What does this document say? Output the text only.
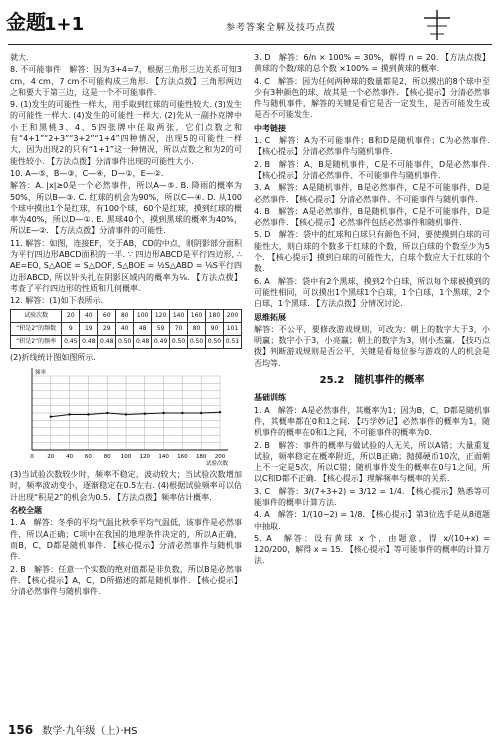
金题
1+1	参考答案全解及技巧点拨

就大.

8. 不可能事件　解答：因为3+4=7，根据三角形三边关系可知3 cm，4 cm，7 cm不可能构成三角形. 【方法点拨】三角形两边之和要大于第三边，这是一个不可能事件.

9. (1)发生的可能性一样大，用手取到红球的可能性较大. (3)发生的可能性一样大. (4)发生的可能性一样大. (2)先从一副扑克牌中小王和黑桃3、4、5四张牌中任取两张，它们点数之和有“4+1”“2+3”“3+2”“1+4”四种情况，出现5的可能性一样大，因为出现2的只有“1+1”这一种情况，所以点数之和为2的可能性较小. 【方法点拨】分清事件出现的可能性大小.

10. A—⑤，B—③，C—④，D—①，E—②.

解答：A. |x|≥0是一个必然事件，所以A—⑤. B. 降雨的概率为50%，所以B—③. C. 红球的机会为90%，所以C—④. D. 从100个球中摸出1个是红球，有100个球，60个是红球，摸到红球的概率为40%，所以D—①. E. 黑球40个，摸到黑球的概率为40%，所以E—②. 【方法点拨】分清事件的可能性.

11. 解答：如图，连接EF，交于AB，CD的中点，则阴影部分面积为平行四边形ABCD面积的一半. ∵ 四边形ABCD是平行四边形, ∴ AE=EO, S△AOE = S△DOF, S△BOE = ½S△ABD = ⅛S平行四边形ABCD, 所以针头扎在阴影区域内的概率为⅛. 【方法点拨】考查了平行四边形的性质和几何概率.

12. 解答：(1)如下表所示.

试验次数	20	40	60	80	100	120	140	160	180	200
“积是2”的频数	9	19	29	40	48	59	70	80	90	101
“积是2”的频率	0.45	0.48	0.48	0.50	0.48	0.49	0.50	0.50	0.50	0.51

(2)折线统计图如图所示.

0 20 40 60 80 100 120 140 160 180 200
试验次数
频率

(3)当试验次数较少时，频率不稳定，波动较大；当试验次数增加时，频率波动变小，逐渐稳定在0.5左右. (4)根据试验频率可以估计出现“积是2”的机会为0.5. 【方法点拨】频率估计概率.

名校全题

1. A　解答：冬季的平均气温比秋季平均气温低，该事件是必然事件，所以A正确；C项中在我国的地理条件决定的，所以A正确，而B，C，D都是随机事件. 【核心提示】分清必然事件与随机事件.

2. B　解答：任意一个实数的绝对值都是非负数，所以B是必然事件. 【核心提示】A，C，D所描述的都是随机事件. 【核心提示】分清必然事件与随机事件.

3. D　解答：6/n × 100% = 30%，解得 n = 20. 【方法点拨】黄球的个数/球的总个数 ×100% = 摸到黄球的概率.

4. C　解答：因为任何两种球的数量都是2，所以摸出的8个球中至少有3种颜色的球，故其是一个必然事件. 【核心提示】分清必然事件与随机事件，解答的关键是看它是否一定发生，是否可能发生或是否不可能发生.

中考链接

1. C　解答：A为不可能事件；B和D是随机事件；C为必然事件. 【核心提示】分清必然事件与随机事件.

2. B　解答：A、B是随机事件，C是不可能事件，D是必然事件. 【核心提示】分清必然事件、不可能事件与随机事件.

3. A　解答：A是随机事件，B是必然事件，C是不可能事件，D是必然事件. 【核心提示】分清必然事件、不可能事件与随机事件.

4. B　解答：A是必然事件，B是随机事件，C是不可能事件，D是必然事件. 【核心提示】必然事件包括必然事件和随机事件.

5. D　解答：袋中的红球和白球只有颜色不同，要使摸到白球的可能性大，则白球的个数多于红球的个数，所以白球的个数至少为5个. 【核心提示】摸到白球的可能性大，白球个数应大于红球的个数.

6. A　解答：袋中有2个黑球，摸到2个白球，所以每个球被摸到的可能性相同，可以摸出1个黑球1个白球，1个白球，1个黑球，2个白球，1个黑球. 【方法点拨】分情况讨论.

思维拓展

解答：不公平，要修改游戏规则，可改为：朝上的数字大于3，小明赢；数字小于3，小亮赢；朝上的数字为3，则小杰赢. 【技巧点拨】判断游戏规则是否公平，关键是看每位参与游戏的人的机会是否均等.

25.2　随机事件的概率

基础训练

1. A　解答：A是必然事件，其概率为1；因为B，C，D都是随机事件，其概率都在0和1之间. 【巧学妙记】必然事件的概率为1，随机事件的概率在0和1之间，不可能事件的概率为0.

2. B　解答：事件的概率与做试验的人无关，所以A错；大量重复试验，频率稳定在概率附近，所以B正确；抛掷硬币10次，正面朝上不一定是5次，所以C错；随机事件发生的概率在0与1之间，所以C和D都不正确. 【核心提示】理解频率与概率的关系.

3. C　解答：3/(7+3+2) = 3/12 = 1/4. 【核心提示】熟悉等可能事件的概率计算方法.

4. A　解答：1/(10−2) = 1/8. 【核心提示】第3位选手是从8道题中抽取.

5. A　解答：设有黄球 x 个，由题意，得 x/(10+x) = 120/200，解得 x = 15. 【核心提示】等可能事件的概率的计算方法.

156 数学·九年级（上）·HS
